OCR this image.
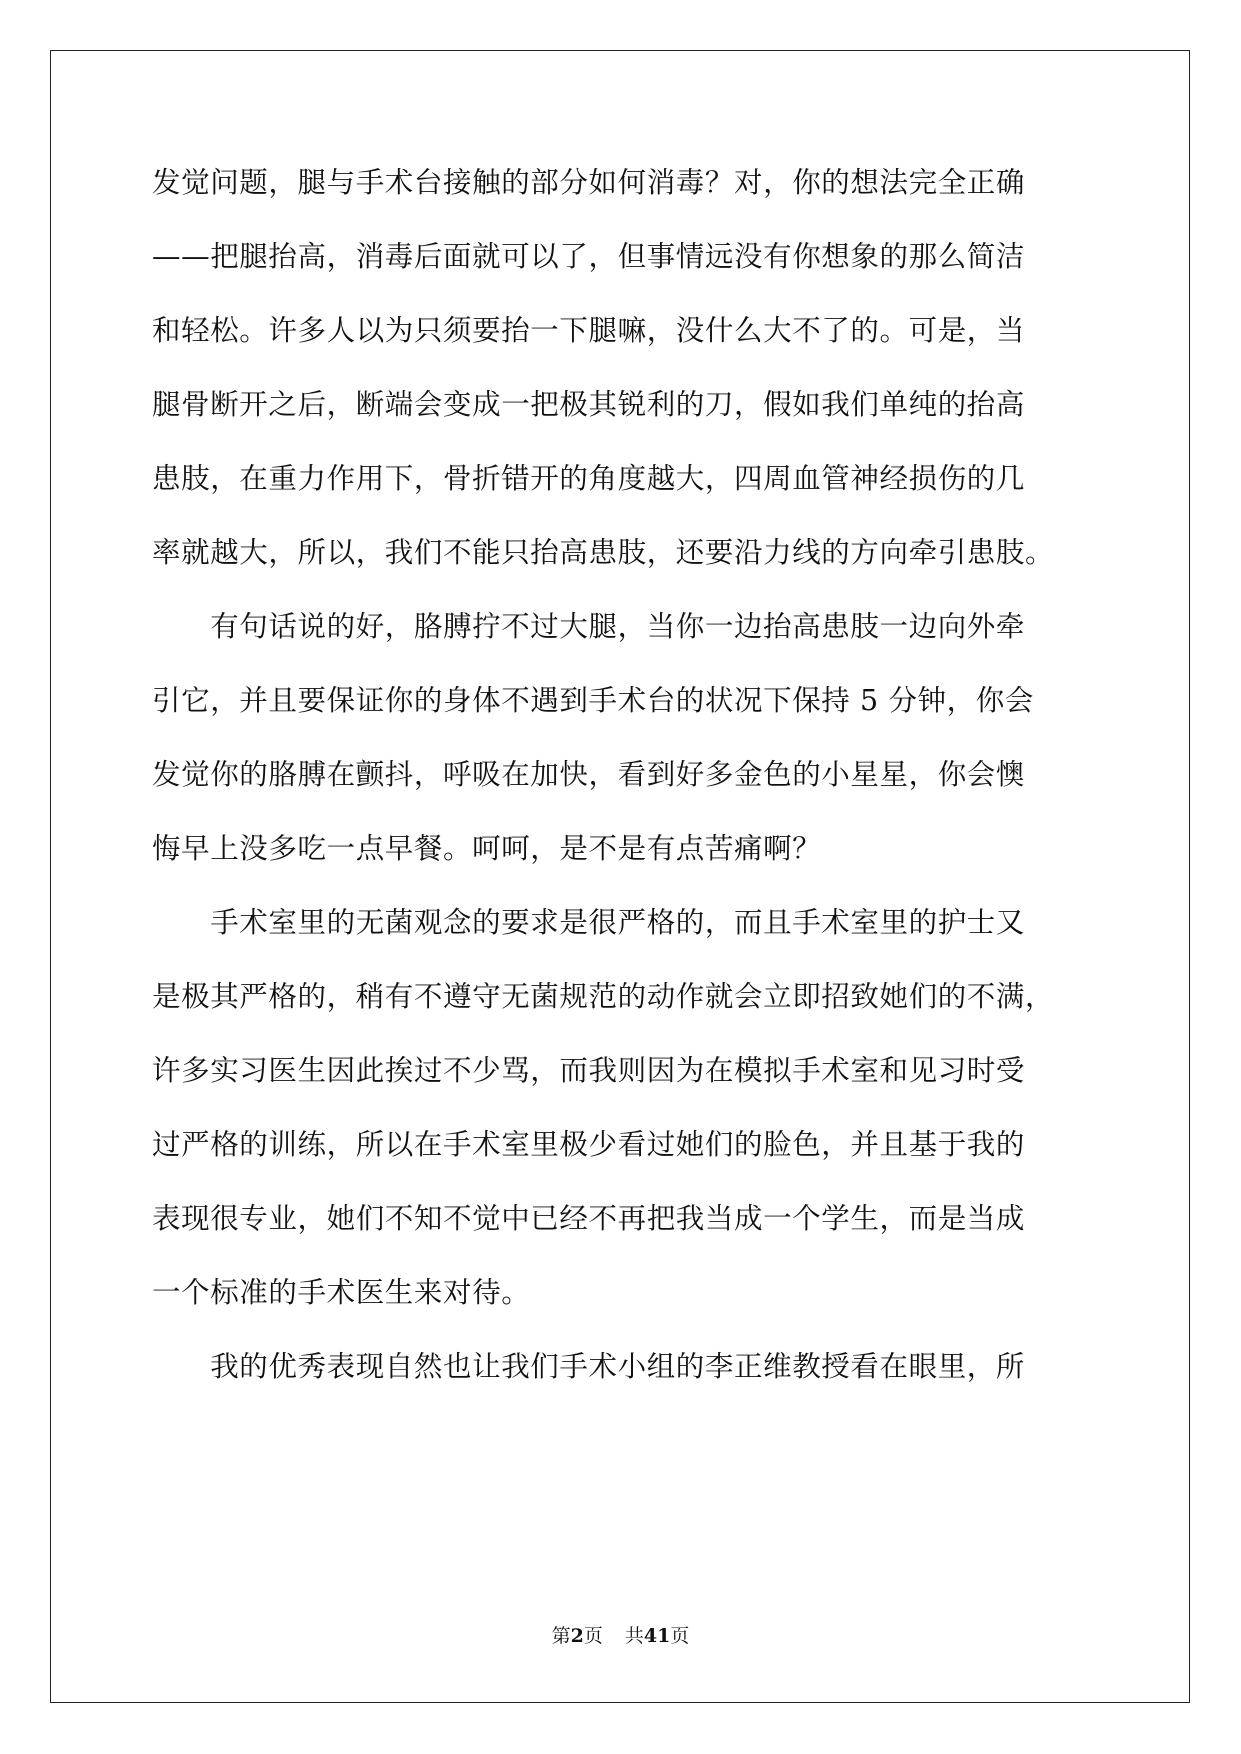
发觉问题，腿与手术台接触的部分如何消毒？对，你的想法完全正确
——把腿抬高，消毒后面就可以了，但事情远没有你想象的那么简洁
和轻松。许多人以为只须要抬一下腿嘛，没什么大不了的。可是，当
腿骨断开之后，断端会变成一把极其锐利的刀，假如我们单纯的抬高
患肢，在重力作用下，骨折错开的角度越大，四周血管神经损伤的几
率就越大，所以，我们不能只抬高患肢，还要沿力线的方向牵引患肢。
　　有句话说的好，胳膊拧不过大腿，当你一边抬高患肢一边向外牵
引它，并且要保证你的身体不遇到手术台的状况下保持 5 分钟，你会
发觉你的胳膊在颤抖，呼吸在加快，看到好多金色的小星星，你会懊
悔早上没多吃一点早餐。呵呵，是不是有点苦痛啊？
　　手术室里的无菌观念的要求是很严格的，而且手术室里的护士又
是极其严格的，稍有不遵守无菌规范的动作就会立即招致她们的不满，
许多实习医生因此挨过不少骂，而我则因为在模拟手术室和见习时受
过严格的训练，所以在手术室里极少看过她们的脸色，并且基于我的
表现很专业，她们不知不觉中已经不再把我当成一个学生，而是当成
一个标准的手术医生来对待。
　　我的优秀表现自然也让我们手术小组的李正维教授看在眼里，所
第2页 共41页
